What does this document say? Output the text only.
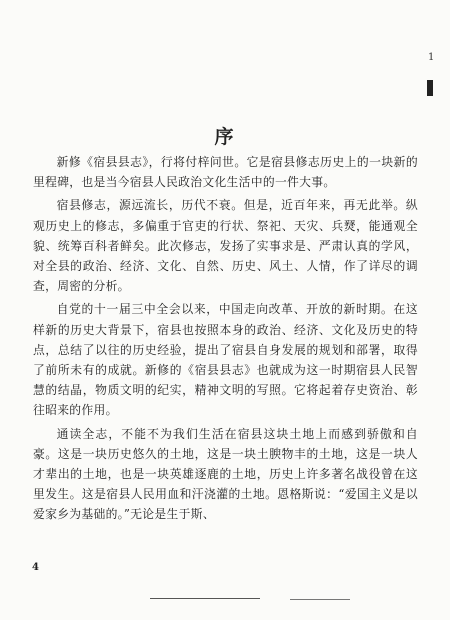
1
序

新修《宿县县志》，行将付梓问世。它是宿县修志历史上的一块新的里程碑，也是当今宿县人民政治文化生活中的一件大事。

宿县修志，源远流长，历代不衰。但是，近百年来，再无此举。纵观历史上的修志，多偏重于官吏的行状、祭祀、天灾、兵燹，能通观全貌、统筹百科者鲜矣。此次修志，发扬了实事求是、严肃认真的学风，对全县的政治、经济、文化、自然、历史、风土、人情，作了详尽的调查，周密的分析。

自党的十一届三中全会以来，中国走向改革、开放的新时期。在这样新的历史大背景下，宿县也按照本身的政治、经济、文化及历史的特点，总结了以往的历史经验，提出了宿县自身发展的规划和部署，取得了前所未有的成就。新修的《宿县县志》也就成为这一时期宿县人民智慧的结晶，物质文明的纪实，精神文明的写照。它将起着存史资治、彰往昭来的作用。

通读全志，不能不为我们生活在宿县这块土地上而感到骄傲和自豪。这是一块历史悠久的土地，这是一块土腴物丰的土地，这是一块人才辈出的土地，也是一块英雄逐鹿的土地，历史上许多著名战役曾在这里发生。这是宿县人民用血和汗浇灌的土地。恩格斯说：“爱国主义是以爱家乡为基础的。”无论是生于斯、

4
